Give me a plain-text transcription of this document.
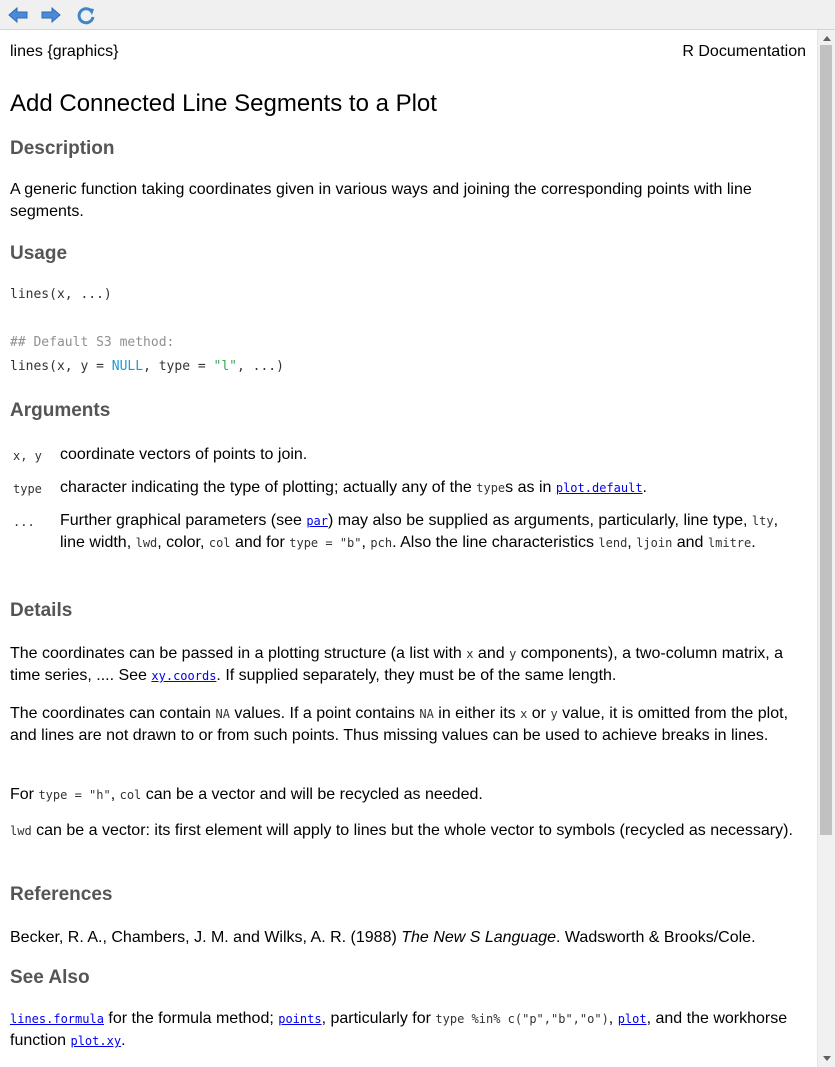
lines {graphics}	R Documentation
Add Connected Line Segments to a Plot
Description

A generic function taking coordinates given in various ways and joining the corresponding points with line segments.

Usage
lines(x, ...)
## Default S3 method:
lines(x, y = NULL, type = "l", ...)
Arguments
x, y coordinate vectors of points to join.

type character indicating the type of plotting; actually any of the types as in plot.default.

... Further graphical parameters (see par) may also be supplied as arguments, particularly, line type, lty, line width, lwd, color, col and for type = "b", pch. Also the line characteristics lend, ljoin and lmitre.

Details

The coordinates can be passed in a plotting structure (a list with x and y components), a two-column matrix, a time series, .... See xy.coords. If supplied separately, they must be of the same length.

The coordinates can contain NA values. If a point contains NA in either its x or y value, it is omitted from the plot, and lines are not drawn to or from such points. Thus missing values can be used to achieve breaks in lines.

For type = "h", col can be a vector and will be recycled as needed.

lwd can be a vector: its first element will apply to lines but the whole vector to symbols (recycled as necessary).

References

Becker, R. A., Chambers, J. M. and Wilks, A. R. (1988) The New S Language. Wadsworth & Brooks/Cole.

See Also

lines.formula for the formula method; points, particularly for type %in% c("p","b","o"), plot, and the workhorse function plot.xy.
